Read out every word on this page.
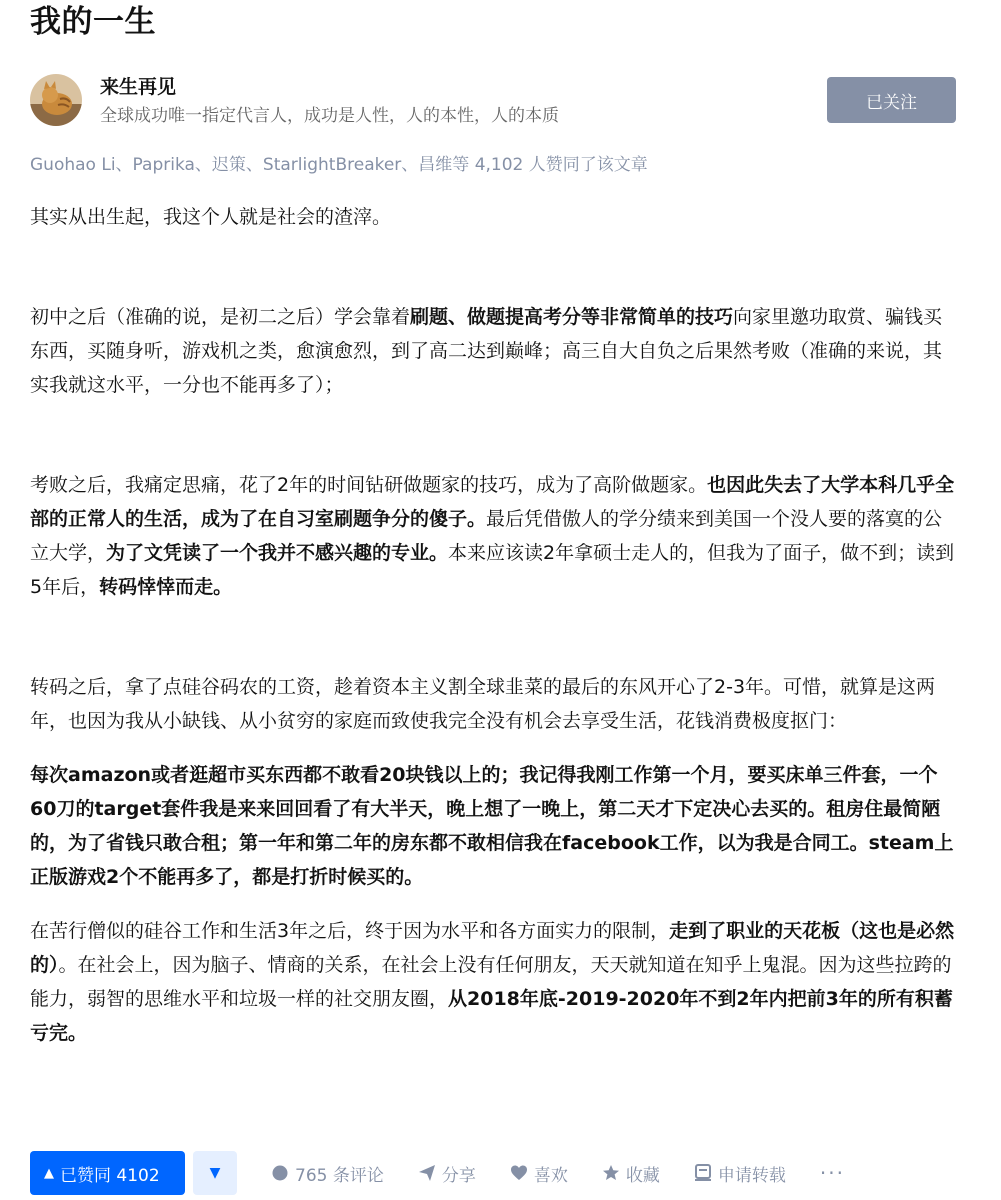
我的一生
来生再见
全球成功唯一指定代言人，成功是人性，人的本性，人的本质
已关注
Guohao Li、Paprika、迟策、StarlightBreaker、昌维等 4,102 人赞同了该文章

其实从出生起，我这个人就是社会的渣滓。

初中之后（准确的说，是初二之后）学会靠着刷题、做题提高考分等非常简单的技巧向家里邀功取赏、骗钱买东西，买随身听，游戏机之类，愈演愈烈，到了高二达到巅峰；高三自大自负之后果然考败（准确的来说，其实我就这水平，一分也不能再多了）；

考败之后，我痛定思痛，花了2年的时间钻研做题家的技巧，成为了高阶做题家。也因此失去了大学本科几乎全部的正常人的生活，成为了在自习室刷题争分的傻子。最后凭借傲人的学分绩来到美国一个没人要的落寞的公立大学，为了文凭读了一个我并不感兴趣的专业。本来应该读2年拿硕士走人的，但我为了面子，做不到；读到5年后，转码悻悻而走。

转码之后，拿了点硅谷码农的工资，趁着资本主义割全球韭菜的最后的东风开心了2-3年。可惜，就算是这两年，也因为我从小缺钱、从小贫穷的家庭而致使我完全没有机会去享受生活，花钱消费极度抠门：

每次amazon或者逛超市买东西都不敢看20块钱以上的；我记得我刚工作第一个月，要买床单三件套，一个60刀的target套件我是来来回回看了有大半天，晚上想了一晚上，第二天才下定决心去买的。租房住最简陋的，为了省钱只敢合租；第一年和第二年的房东都不敢相信我在facebook工作，以为我是合同工。steam上正版游戏2个不能再多了，都是打折时候买的。

在苦行僧似的硅谷工作和生活3年之后，终于因为水平和各方面实力的限制，走到了职业的天花板（这也是必然的）。在社会上，因为脑子、情商的关系，在社会上没有任何朋友，天天就知道在知乎上鬼混。因为这些拉跨的能力，弱智的思维水平和垃圾一样的社交朋友圈，从2018年底-2019-2020年不到2年内把前3年的所有积蓄亏完。

▲ 已赞同 4102	▼	765 条评论	分享	喜欢	收藏	申请转载 ···
